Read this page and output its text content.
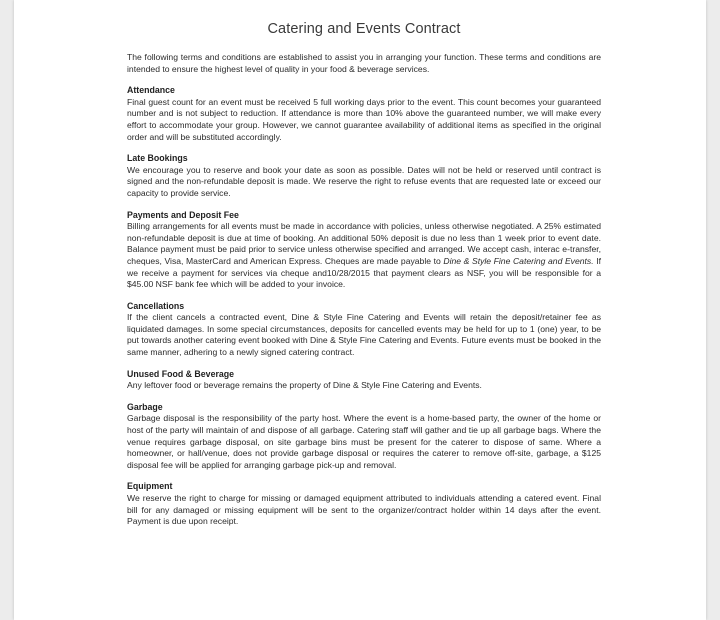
Catering and Events Contract

The following terms and conditions are established to assist you in arranging your function. These terms and conditions are intended to ensure the highest level of quality in your food & beverage services.

Attendance

Final guest count for an event must be received 5 full working days prior to the event. This count becomes your guaranteed number and is not subject to reduction. If attendance is more than 10% above the guaranteed number, we will make every effort to accommodate your group. However, we cannot guarantee availability of additional items as specified in the original order and will be substituted accordingly.

Late Bookings

We encourage you to reserve and book your date as soon as possible. Dates will not be held or reserved until contract is signed and the non-refundable deposit is made. We reserve the right to refuse events that are requested late or exceed our capacity to provide service.

Payments and Deposit Fee

Billing arrangements for all events must be made in accordance with policies, unless otherwise negotiated. A 25% estimated non-refundable deposit is due at time of booking. An additional 50% deposit is due no less than 1 week prior to event date. Balance payment must be paid prior to service unless otherwise specified and arranged. We accept cash, interac e-transfer, cheques, Visa, MasterCard and American Express. Cheques are made payable to Dine & Style Fine Catering and Events. If we receive a payment for services via cheque and10/28/2015 that payment clears as NSF, you will be responsible for a $45.00 NSF bank fee which will be added to your invoice.

Cancellations

If the client cancels a contracted event, Dine & Style Fine Catering and Events will retain the deposit/retainer fee as liquidated damages. In some special circumstances, deposits for cancelled events may be held for up to 1 (one) year, to be put towards another catering event booked with Dine & Style Fine Catering and Events. Future events must be booked in the same manner, adhering to a newly signed catering contract.

Unused Food & Beverage

Any leftover food or beverage remains the property of Dine & Style Fine Catering and Events.

Garbage

Garbage disposal is the responsibility of the party host. Where the event is a home-based party, the owner of the home or host of the party will maintain of and dispose of all garbage. Catering staff will gather and tie up all garbage bags. Where the venue requires garbage disposal, on site garbage bins must be present for the caterer to dispose of same. Where a homeowner, or hall/venue, does not provide garbage disposal or requires the caterer to remove off-site, garbage, a $125 disposal fee will be applied for arranging garbage pick-up and removal.

Equipment

We reserve the right to charge for missing or damaged equipment attributed to individuals attending a catered event. Final bill for any damaged or missing equipment will be sent to the organizer/contract holder within 14 days after the event. Payment is due upon receipt.
